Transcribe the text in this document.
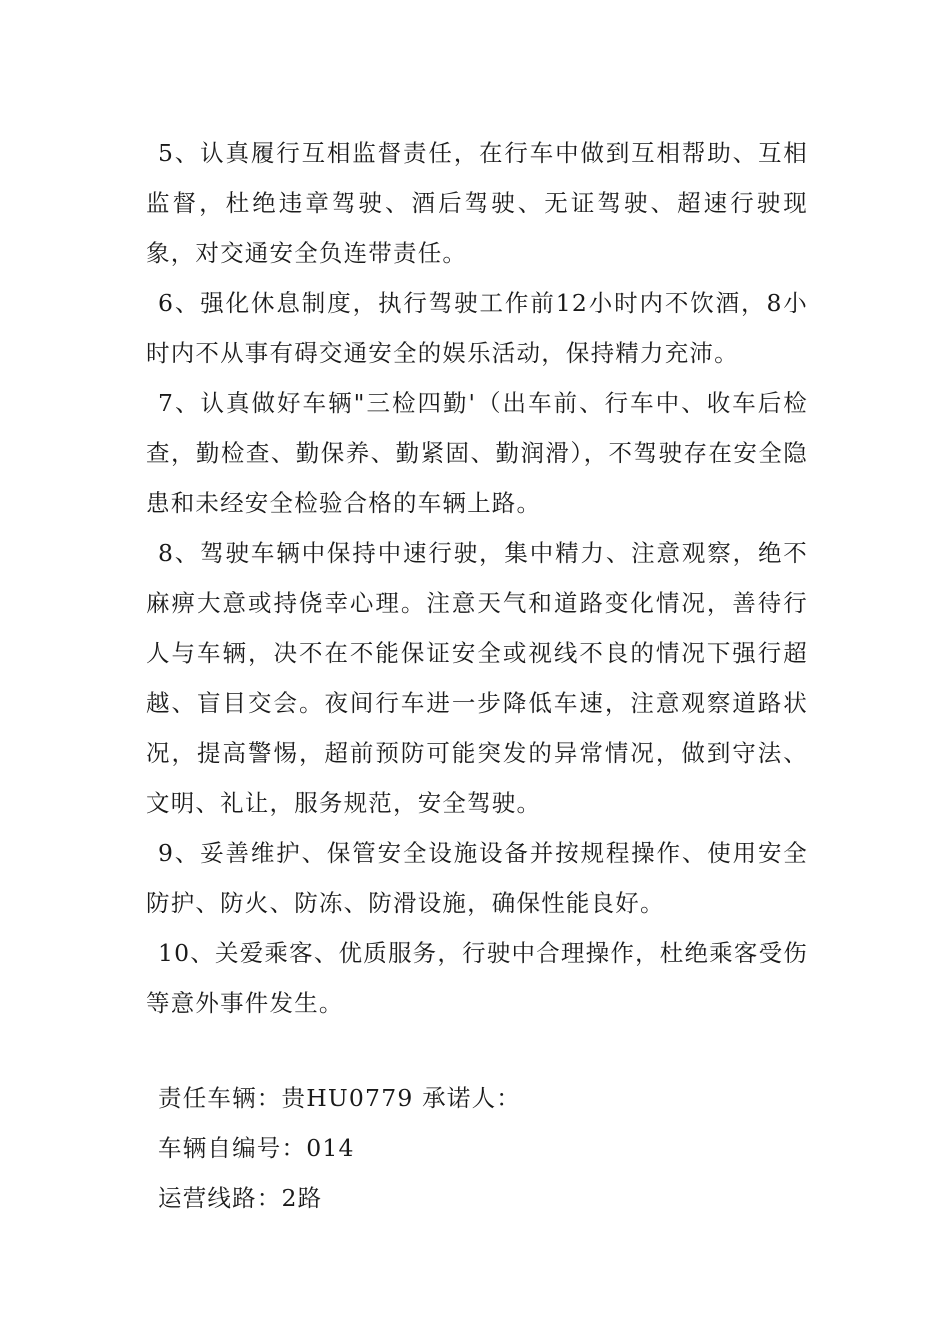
5、认真履行互相监督责任，在行车中做到互相帮助、互相监督，杜绝违章驾驶、酒后驾驶、无证驾驶、超速行驶现象，对交通安全负连带责任。

6、强化休息制度，执行驾驶工作前12小时内不饮酒，8小时内不从事有碍交通安全的娱乐活动，保持精力充沛。

7、认真做好车辆"三检四勤'（出车前、行车中、收车后检查，勤检查、勤保养、勤紧固、勤润滑），不驾驶存在安全隐患和未经安全检验合格的车辆上路。

8、驾驶车辆中保持中速行驶，集中精力、注意观察，绝不麻痹大意或持侥幸心理。注意天气和道路变化情况，善待行人与车辆，决不在不能保证安全或视线不良的情况下强行超越、盲目交会。夜间行车进一步降低车速，注意观察道路状况，提高警惕，超前预防可能突发的异常情况，做到守法、文明、礼让，服务规范，安全驾驶。

9、妥善维护、保管安全设施设备并按规程操作、使用安全防护、防火、防冻、防滑设施，确保性能良好。

10、关爱乘客、优质服务，行驶中合理操作，杜绝乘客受伤等意外事件发生。

责任车辆：贵HU0779 承诺人：

车辆自编号：014

运营线路：2路
